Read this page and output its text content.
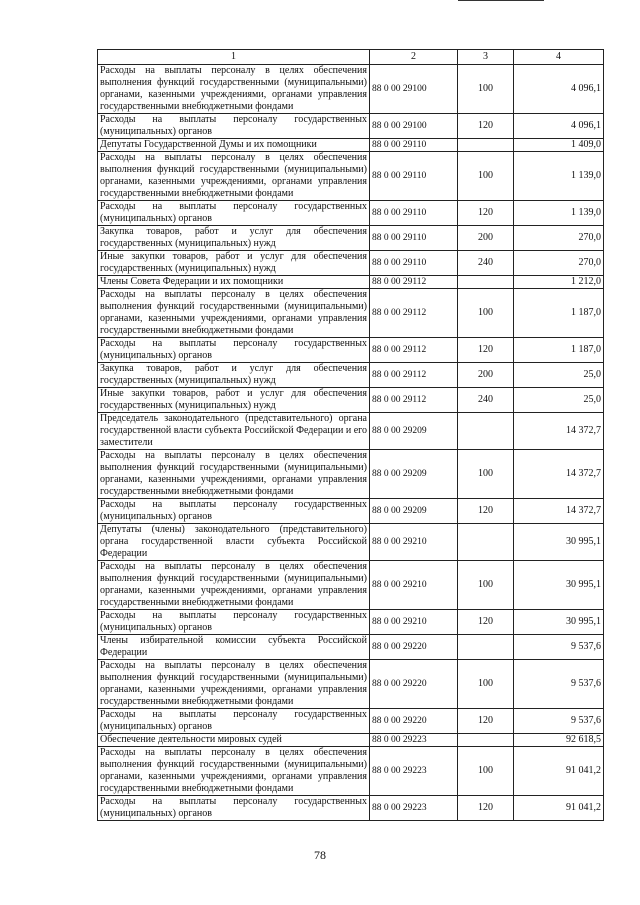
1	2	3	4
Расходы на выплаты персоналу в целях обеспечения выполнения функций государственными (муниципальными) органами, казенными учреждениями, органами управления государственными внебюджетными фондами	88 0 00 29100	100	4 096,1
Расходы на выплаты персоналу государственных (муниципальных) органов	88 0 00 29100	120	4 096,1
Депутаты Государственной Думы и их помощники	88 0 00 29110		1 409,0
Расходы на выплаты персоналу в целях обеспечения выполнения функций государственными (муниципальными) органами, казенными учреждениями, органами управления государственными внебюджетными фондами	88 0 00 29110	100	1 139,0
Расходы на выплаты персоналу государственных (муниципальных) органов	88 0 00 29110	120	1 139,0
Закупка товаров, работ и услуг для обеспечения государственных (муниципальных) нужд	88 0 00 29110	200	270,0
Иные закупки товаров, работ и услуг для обеспечения государственных (муниципальных) нужд	88 0 00 29110	240	270,0
Члены Совета Федерации и их помощники	88 0 00 29112		1 212,0
Расходы на выплаты персоналу в целях обеспечения выполнения функций государственными (муниципальными) органами, казенными учреждениями, органами управления государственными внебюджетными фондами	88 0 00 29112	100	1 187,0
Расходы на выплаты персоналу государственных (муниципальных) органов	88 0 00 29112	120	1 187,0
Закупка товаров, работ и услуг для обеспечения государственных (муниципальных) нужд	88 0 00 29112	200	25,0
Иные закупки товаров, работ и услуг для обеспечения государственных (муниципальных) нужд	88 0 00 29112	240	25,0
Председатель законодательного (представительного) органа государственной власти субъекта Российской Федерации и его заместители	88 0 00 29209		14 372,7
Расходы на выплаты персоналу в целях обеспечения выполнения функций государственными (муниципальными) органами, казенными учреждениями, органами управления государственными внебюджетными фондами	88 0 00 29209	100	14 372,7
Расходы на выплаты персоналу государственных (муниципальных) органов	88 0 00 29209	120	14 372,7
Депутаты (члены) законодательного (представительного) органа государственной власти субъекта Российской Федерации	88 0 00 29210		30 995,1
Расходы на выплаты персоналу в целях обеспечения выполнения функций государственными (муниципальными) органами, казенными учреждениями, органами управления государственными внебюджетными фондами	88 0 00 29210	100	30 995,1
Расходы на выплаты персоналу государственных (муниципальных) органов	88 0 00 29210	120	30 995,1
Члены избирательной комиссии субъекта Российской Федерации	88 0 00 29220		9 537,6
Расходы на выплаты персоналу в целях обеспечения выполнения функций государственными (муниципальными) органами, казенными учреждениями, органами управления государственными внебюджетными фондами	88 0 00 29220	100	9 537,6
Расходы на выплаты персоналу государственных (муниципальных) органов	88 0 00 29220	120	9 537,6
Обеспечение деятельности мировых судей	88 0 00 29223		92 618,5
Расходы на выплаты персоналу в целях обеспечения выполнения функций государственными (муниципальными) органами, казенными учреждениями, органами управления государственными внебюджетными фондами	88 0 00 29223	100	91 041,2
Расходы на выплаты персоналу государственных (муниципальных) органов	88 0 00 29223	120	91 041,2
78
